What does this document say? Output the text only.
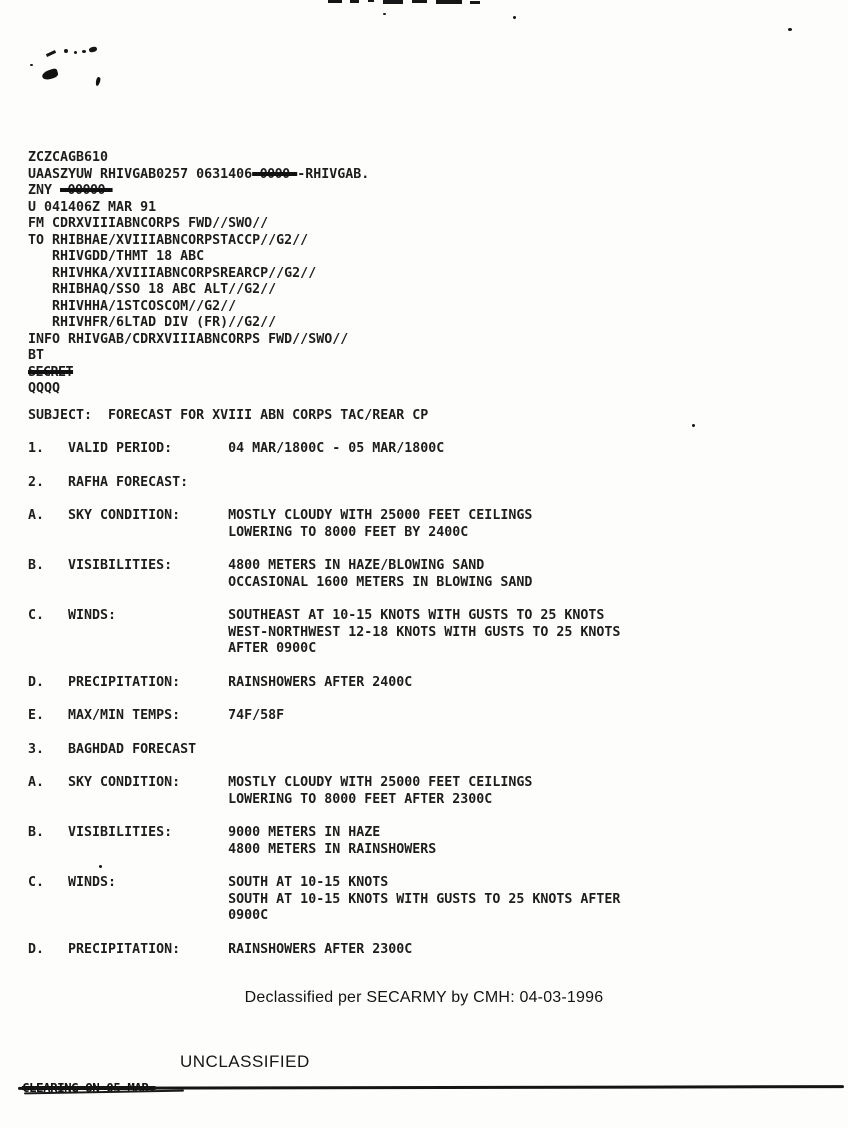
ZCZCAGB610
UAASZYUW RHIVGAB0257 0631406-0000--RHIVGAB.
ZNY -00000-
U 041406Z MAR 91
FM CDRXVIIIABNCORPS FWD//SWO//
TO RHIBHAE/XVIIIABNCORPSTACCP//G2//
RHIVGDD/THMT 18 ABC
RHIVHKA/XVIIIABNCORPSREARCP//G2//
RHIBHAQ/SSO 18 ABC ALT//G2//
RHIVHHA/1STCOSCOM//G2//
RHIVHFR/6LTAD DIV (FR)//G2//
INFO RHIVGAB/CDRXVIIIABNCORPS FWD//SWO//
BT
SECRET
QQQQ
SUBJECT:  FORECAST FOR XVIII ABN CORPS TAC/REAR CP
1.   VALID PERIOD:       04 MAR/1800C - 05 MAR/1800C
2.   RAFHA FORECAST:
A.   SKY CONDITION:      MOSTLY CLOUDY WITH 25000 FEET CEILINGS
LOWERING TO 8000 FEET BY 2400C
B.   VISIBILITIES:       4800 METERS IN HAZE/BLOWING SAND
OCCASIONAL 1600 METERS IN BLOWING SAND
C.   WINDS:              SOUTHEAST AT 10-15 KNOTS WITH GUSTS TO 25 KNOTS
WEST-NORTHWEST 12-18 KNOTS WITH GUSTS TO 25 KNOTS
AFTER 0900C
D.   PRECIPITATION:      RAINSHOWERS AFTER 2400C
E.   MAX/MIN TEMPS:      74F/58F
3.   BAGHDAD FORECAST
A.   SKY CONDITION:      MOSTLY CLOUDY WITH 25000 FEET CEILINGS
LOWERING TO 8000 FEET AFTER 2300C
B.   VISIBILITIES:       9000 METERS IN HAZE
4800 METERS IN RAINSHOWERS
C.   WINDS:              SOUTH AT 10-15 KNOTS
SOUTH AT 10-15 KNOTS WITH GUSTS TO 25 KNOTS AFTER
0900C
D.   PRECIPITATION:      RAINSHOWERS AFTER 2300C
Declassified per SECARMY by CMH: 04-03-1996
UNCLASSIFIED
